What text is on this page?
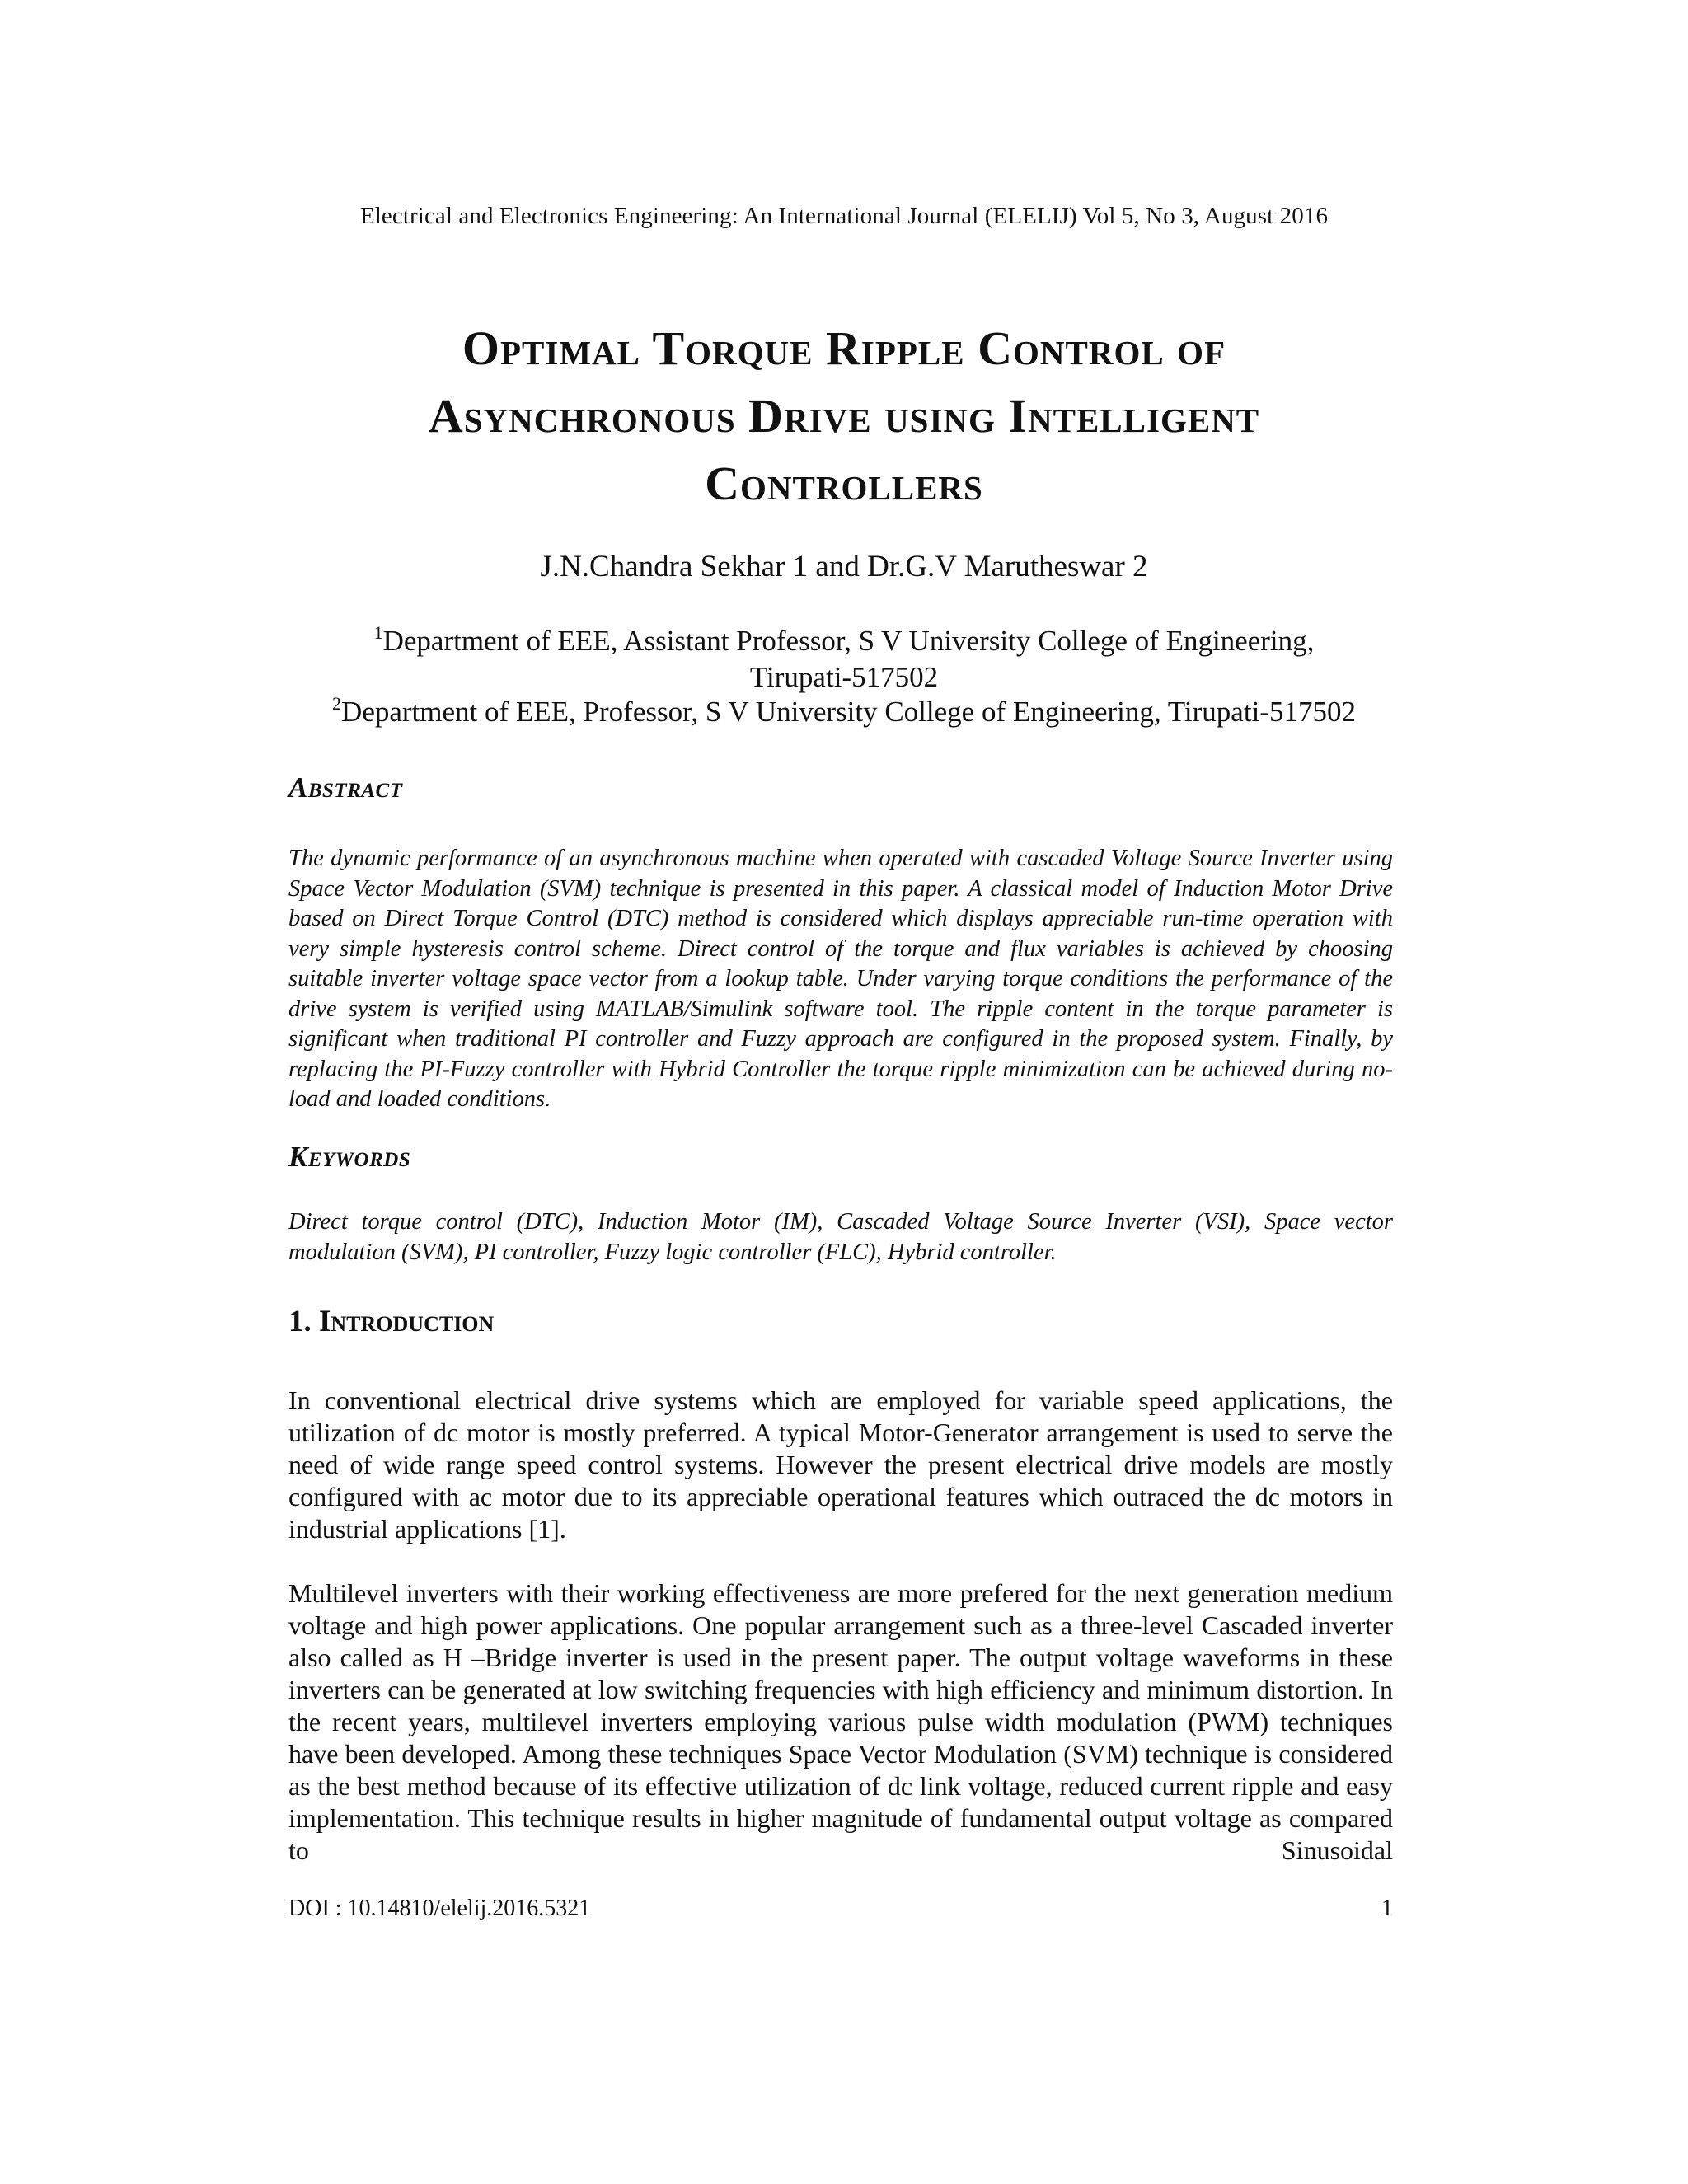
Electrical and Electronics Engineering: An International Journal (ELELIJ) Vol 5, No 3, August 2016
Optimal Torque Ripple Control of
Asynchronous Drive using Intelligent
Controllers
J.N.Chandra Sekhar 1 and Dr.G.V Marutheswar 2
$^1$Department of EEE, Assistant Professor, S V University College of Engineering,
Tirupati-517502
$^2$Department of EEE, Professor, S V University College of Engineering, Tirupati-517502
Abstract
The dynamic performance of an asynchronous machine when operated with cascaded Voltage Source Inverter using Space Vector Modulation (SVM) technique is presented in this paper. A classical model of Induction Motor Drive based on Direct Torque Control (DTC) method is considered which displays appreciable run-time operation with very simple hysteresis control scheme. Direct control of the torque and flux variables is achieved by choosing suitable inverter voltage space vector from a lookup table. Under varying torque conditions the performance of the drive system is verified using MATLAB/Simulink software tool. The ripple content in the torque parameter is significant when traditional PI controller and Fuzzy approach are configured in the proposed system. Finally, by replacing the PI-Fuzzy controller with Hybrid Controller the torque ripple minimization can be achieved during no-load and loaded conditions.
Keywords
Direct torque control (DTC), Induction Motor (IM), Cascaded Voltage Source Inverter (VSI), Space vector modulation (SVM), PI controller, Fuzzy logic controller (FLC), Hybrid controller.
1. Introduction
In conventional electrical drive systems which are employed for variable speed applications, the utilization of dc motor is mostly preferred. A typical Motor-Generator arrangement is used to serve the need of wide range speed control systems. However the present electrical drive models are mostly configured with ac motor due to its appreciable operational features which outraced the dc motors in industrial applications [1].
Multilevel inverters with their working effectiveness are more prefered for the next generation medium voltage and high power applications. One popular arrangement such as a three-level Cascaded inverter also called as H –Bridge inverter is used in the present paper. The output voltage waveforms in these inverters can be generated at low switching frequencies with high efficiency and minimum distortion. In the recent years, multilevel inverters employing various pulse width modulation (PWM) techniques have been developed. Among these techniques Space Vector Modulation (SVM) technique is considered as the best method because of its effective utilization of dc link voltage, reduced current ripple and easy implementation. This technique results in higher magnitude of fundamental output voltage as compared to Sinusoidal
DOI : 10.14810/elelij.2016.5321	1
